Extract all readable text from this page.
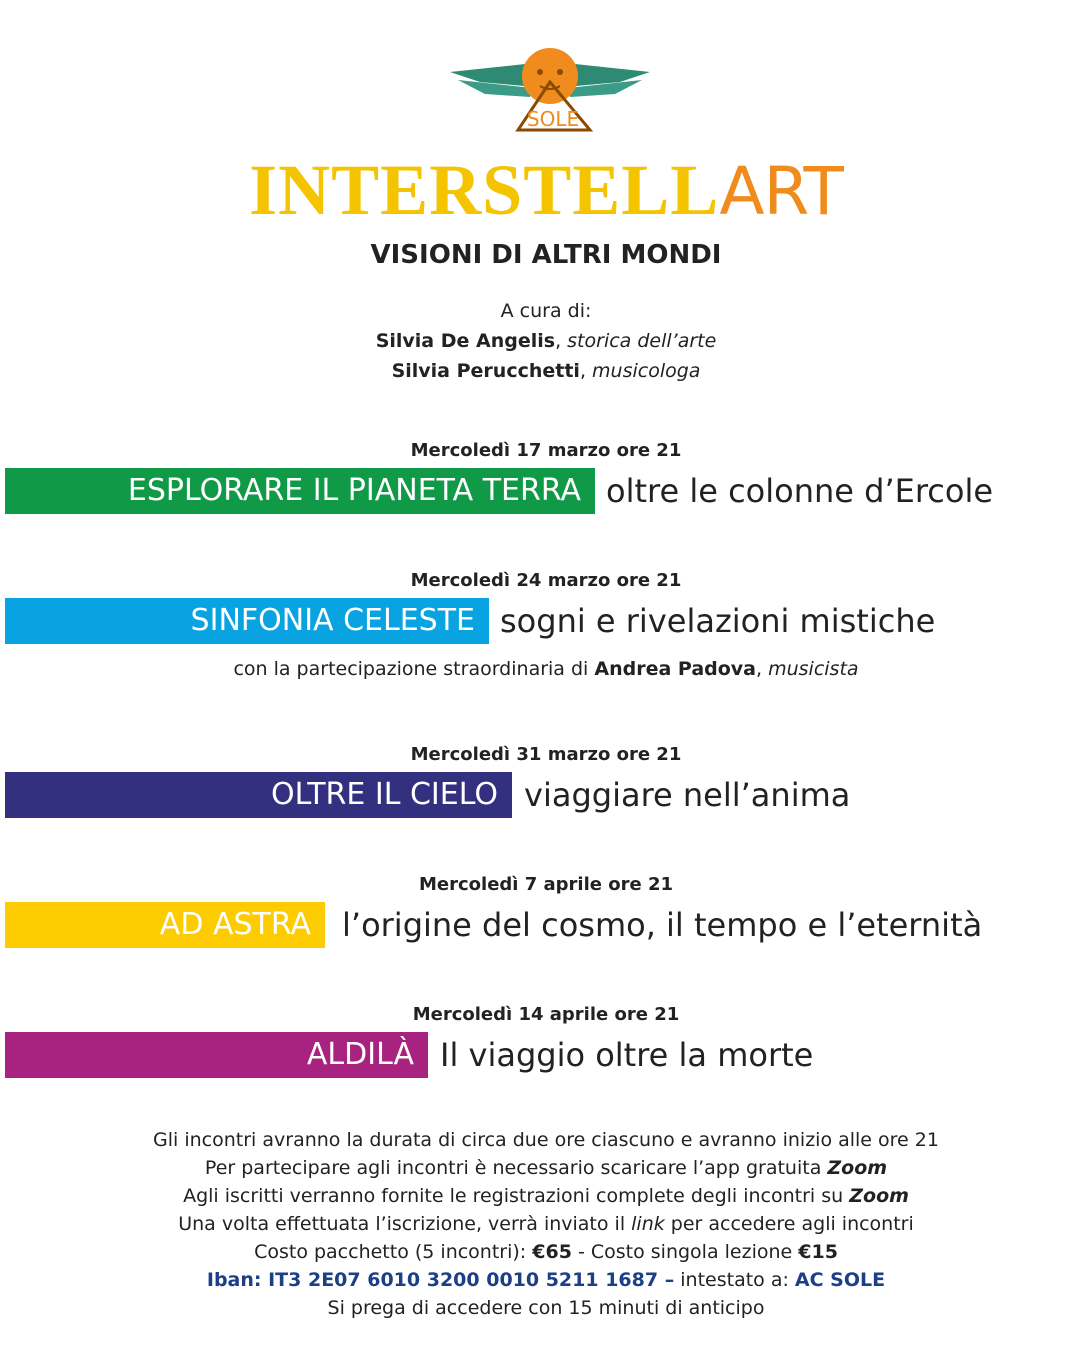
SOLE
INTERSTELLART
VISIONI DI ALTRI MONDI
A cura di:
Silvia De Angelis, storica dell’arte
Silvia Perucchetti, musicologa
Mercoledì 17 marzo ore 21
ESPLORARE IL PIANETA TERRA oltre le colonne d’Ercole
Mercoledì 24 marzo ore 21
SINFONIA CELESTE sogni e rivelazioni mistiche
con la partecipazione straordinaria di Andrea Padova, musicista
Mercoledì 31 marzo ore 21
OLTRE IL CIELO viaggiare nell’anima
Mercoledì 7 aprile ore 21
AD ASTRA l’origine del cosmo, il tempo e l’eternità
Mercoledì 14 aprile ore 21
ALDILÀ Il viaggio oltre la morte
Gli incontri avranno la durata di circa due ore ciascuno e avranno inizio alle ore 21
Per partecipare agli incontri è necessario scaricare l’app gratuita Zoom
Agli iscritti verranno fornite le registrazioni complete degli incontri su Zoom
Una volta effettuata l’iscrizione, verrà inviato il link per accedere agli incontri
Costo pacchetto (5 incontri): €65 - Costo singola lezione €15
Iban: IT3 2E07 6010 3200 0010 5211 1687 – intestato a: AC SOLE
Si prega di accedere con 15 minuti di anticipo
